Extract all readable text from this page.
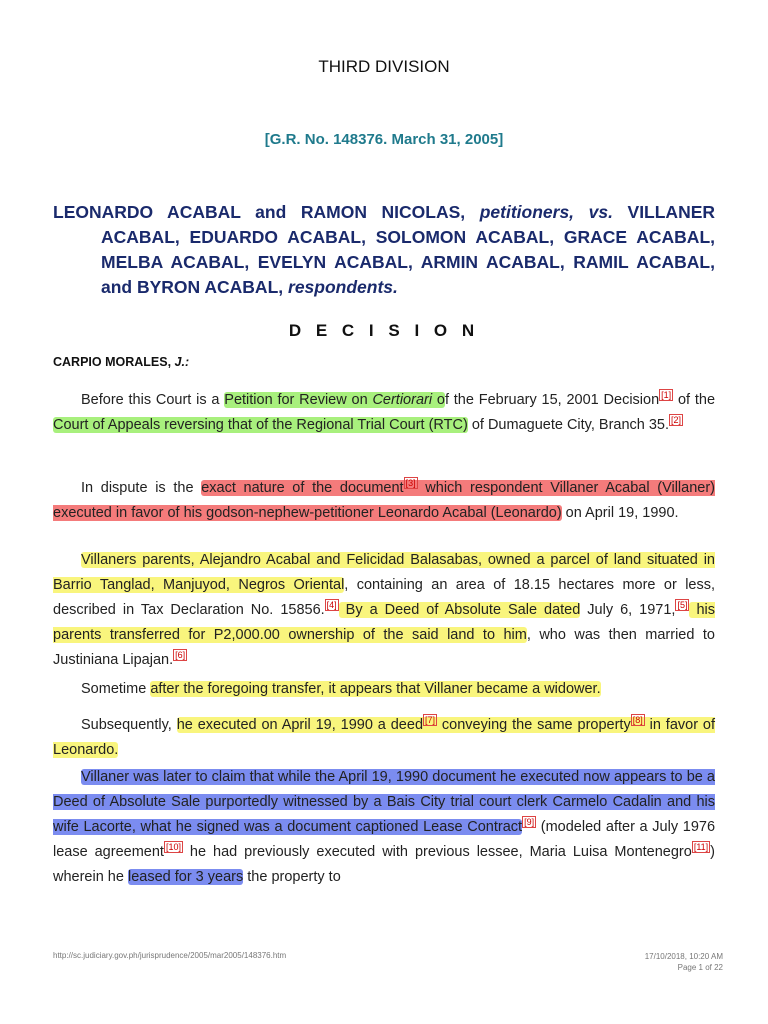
THIRD DIVISION
[G.R. No. 148376. March 31, 2005]
LEONARDO ACABAL and RAMON NICOLAS, petitioners, vs. VILLANER ACABAL, EDUARDO ACABAL, SOLOMON ACABAL, GRACE ACABAL, MELBA ACABAL, EVELYN ACABAL, ARMIN ACABAL, RAMIL ACABAL, and BYRON ACABAL, respondents.
D E C I S I O N
CARPIO MORALES, J.:

Before this Court is a Petition for Review on Certiorari of the February 15, 2001 Decision [1] of the Court of Appeals reversing that of the Regional Trial Court (RTC) of Dumaguete City, Branch 35. [2]

In dispute is the exact nature of the document [3] which respondent Villaner Acabal (Villaner) executed in favor of his godson-nephew-petitioner Leonardo Acabal (Leonardo) on April 19, 1990.

Villaners parents, Alejandro Acabal and Felicidad Balasabas, owned a parcel of land situated in Barrio Tanglad, Manjuyod, Negros Oriental, containing an area of 18.15 hectares more or less, described in Tax Declaration No. 15856. [4] By a Deed of Absolute Sale dated July 6, 1971, [5] his parents transferred for P2,000.00 ownership of the said land to him, who was then married to Justiniana Lipajan. [6]

Sometime after the foregoing transfer, it appears that Villaner became a widower.

Subsequently, he executed on April 19, 1990 a deed [7] conveying the same property [8] in favor of Leonardo.

Villaner was later to claim that while the April 19, 1990 document he executed now appears to be a Deed of Absolute Sale purportedly witnessed by a Bais City trial court clerk Carmelo Cadalin and his wife Lacorte, what he signed was a document captioned Lease Contract [9] (modeled after a July 1976 lease agreement [10] he had previously executed with previous lessee, Maria Luisa Montenegro [11] ) wherein he leased for 3 years the property to

http://sc.judiciary.gov.ph/jurisprudence/2005/mar2005/148376.htm	17/10/2018, 10:20 AM
Page 1 of 22
